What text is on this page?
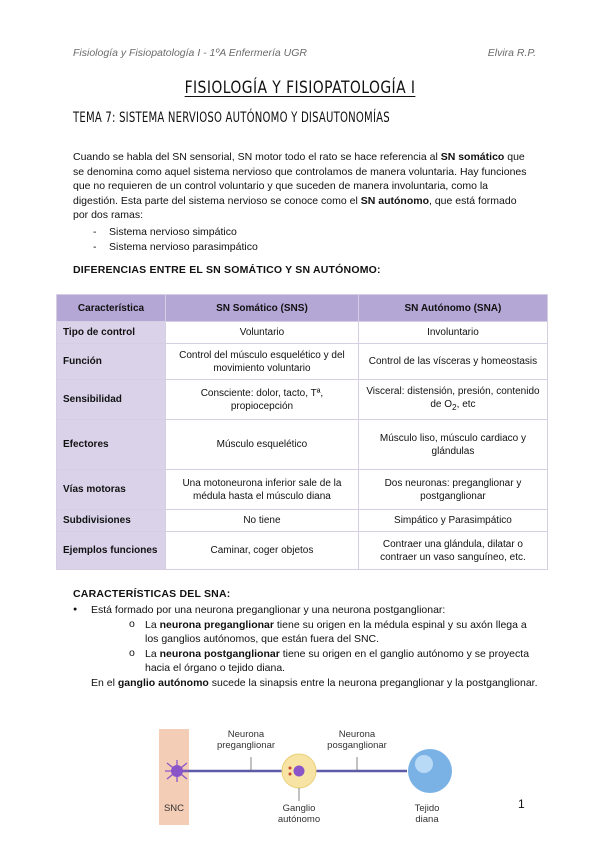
Fisiología y Fisiopatología I - 1ºA Enfermería UGR	Elvira R.P.
FISIOLOGÍA Y FISIOPATOLOGÍA I
TEMA 7: SISTEMA NERVIOSO AUTÓNOMO Y DISAUTONOMÍAS

Cuando se habla del SN sensorial, SN motor todo el rato se hace referencia al SN somático que se denomina como aquel sistema nervioso que controlamos de manera voluntaria. Hay funciones que no requieren de un control voluntario y que suceden de manera involuntaria, como la digestión. Esta parte del sistema nervioso se conoce como el SN autónomo, que está formado por dos ramas:

- Sistema nervioso simpático
- Sistema nervioso parasimpático
DIFERENCIAS ENTRE EL SN SOMÁTICO Y SN AUTÓNOMO:
Característica	SN Somático (SNS)	SN Autónomo (SNA)
Tipo de control	Voluntario	Involuntario
Función	Control del músculo esquelético y del movimiento voluntario	Control de las vísceras y homeostasis
Sensibilidad	Consciente: dolor, tacto, Tª, propiocepción	Visceral: distensión, presión, contenido de $O_2$, etc
Efectores	Músculo esquelético	Músculo liso, músculo cardiaco y glándulas
Vías motoras	Una motoneurona inferior sale de la médula hasta el músculo diana	Dos neuronas: preganglionar y postganglionar
Subdivisiones	No tiene	Simpático y Parasimpático
Ejemplos funciones	Caminar, coger objetos	Contraer una glándula, dilatar o contraer un vaso sanguíneo, etc.
CARACTERÍSTICAS DEL SNA:

● Está formado por una neurona preganglionar y una neurona postganglionar:

o La neurona preganglionar tiene su origen en la médula espinal y su axón llega a los ganglios autónomos, que están fuera del SNC.

o La neurona postganglionar tiene su origen en el ganglio autónomo y se proyecta hacia el órgano o tejido diana.

En el ganglio autónomo sucede la sinapsis entre la neurona preganglionar y la postganglionar.

Neurona preganglionar
Neurona posganglionar
SNC	Ganglio autónomo
Tejido diana
1
